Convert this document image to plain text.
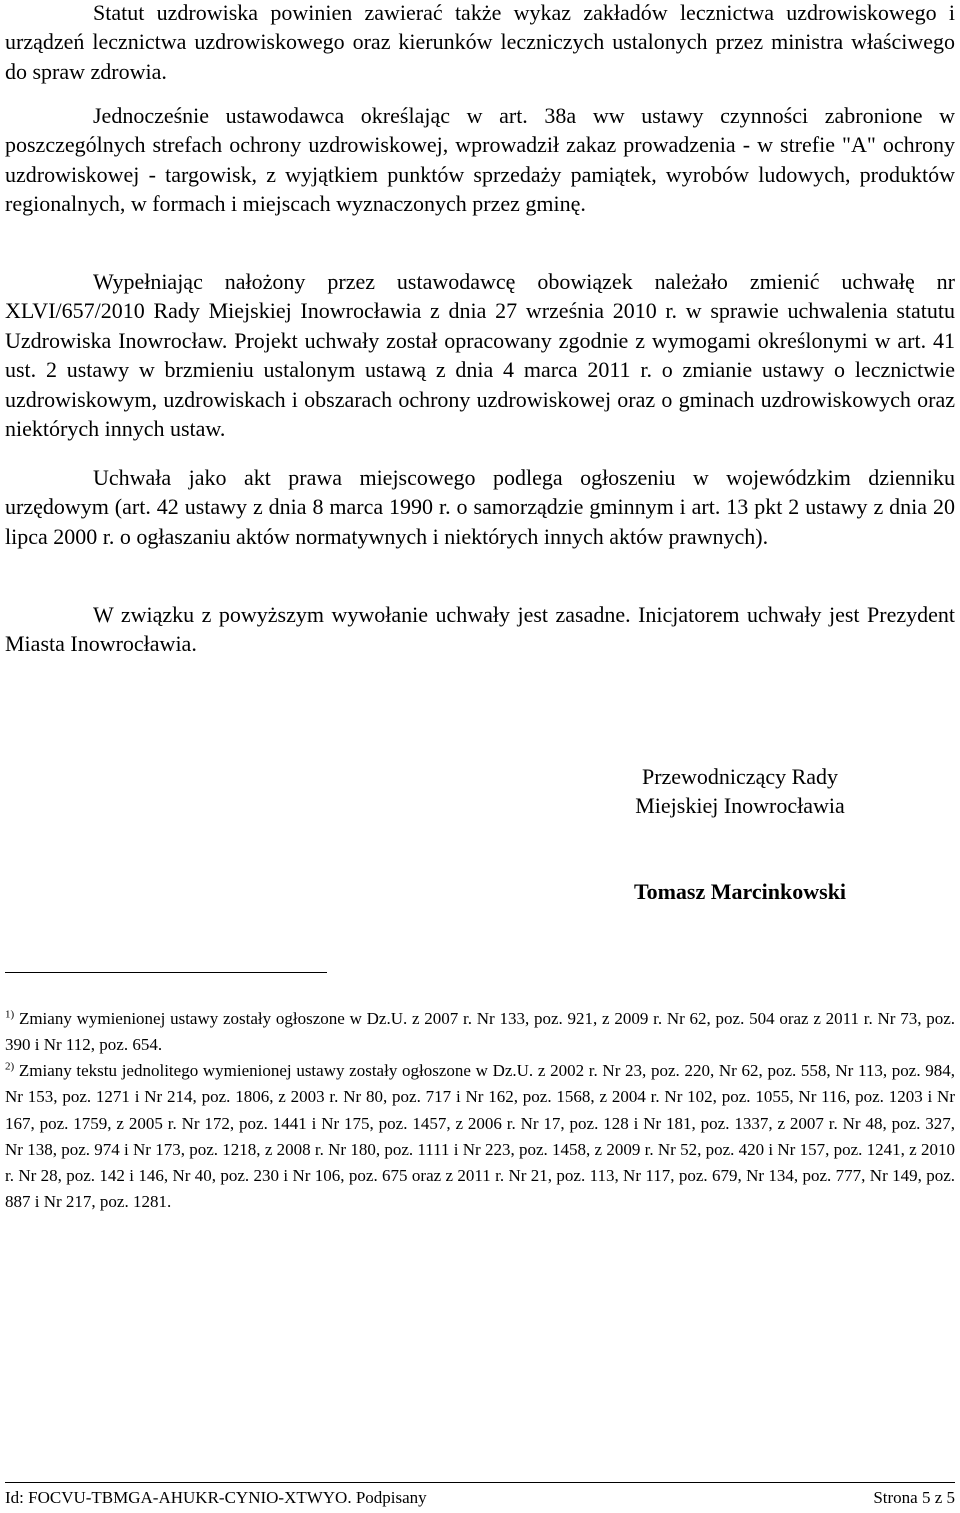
Statut uzdrowiska powinien zawierać także wykaz zakładów lecznictwa uzdrowiskowego i urządzeń lecznictwa uzdrowiskowego oraz kierunków leczniczych ustalonych przez ministra właściwego do spraw zdrowia.

Jednocześnie ustawodawca określając w art. 38a ww ustawy czynności zabronione w poszczególnych strefach ochrony uzdrowiskowej, wprowadził zakaz prowadzenia - w strefie "A" ochrony uzdrowiskowej - targowisk, z wyjątkiem punktów sprzedaży pamiątek, wyrobów ludowych, produktów regionalnych, w formach i miejscach wyznaczonych przez gminę.

Wypełniając nałożony przez ustawodawcę obowiązek należało zmienić uchwałę nr XLVI/657/2010 Rady Miejskiej Inowrocławia z dnia 27 września 2010 r. w sprawie uchwalenia statutu Uzdrowiska Inowrocław. Projekt uchwały został opracowany zgodnie z wymogami określonymi w art. 41 ust. 2 ustawy w brzmieniu ustalonym ustawą z dnia 4 marca 2011 r. o zmianie ustawy o lecznictwie uzdrowiskowym, uzdrowiskach i obszarach ochrony uzdrowiskowej oraz o gminach uzdrowiskowych oraz niektórych innych ustaw.

Uchwała jako akt prawa miejscowego podlega ogłoszeniu w wojewódzkim dzienniku urzędowym (art. 42 ustawy z dnia 8 marca 1990 r. o samorządzie gminnym i art. 13 pkt 2 ustawy z dnia 20 lipca 2000 r. o ogłaszaniu aktów normatywnych i niektórych innych aktów prawnych).

W związku z powyższym wywołanie uchwały jest zasadne. Inicjatorem uchwały jest Prezydent Miasta Inowrocławia.

Przewodniczący Rady
Miejskiej Inowrocławia
Tomasz Marcinkowski

$^{1)}$ Zmiany wymienionej ustawy zostały ogłoszone w Dz.U. z 2007 r. Nr 133, poz. 921, z 2009 r. Nr 62, poz. 504 oraz z 2011 r. Nr 73, poz. 390 i Nr 112, poz. 654.

$^{2)}$ Zmiany tekstu jednolitego wymienionej ustawy zostały ogłoszone w Dz.U. z 2002 r. Nr 23, poz. 220, Nr 62, poz. 558, Nr 113, poz. 984, Nr 153, poz. 1271 i Nr 214, poz. 1806, z 2003 r. Nr 80, poz. 717 i Nr 162, poz. 1568, z 2004 r. Nr 102, poz. 1055, Nr 116, poz. 1203 i Nr 167, poz. 1759, z 2005 r. Nr 172, poz. 1441 i Nr 175, poz. 1457, z 2006 r. Nr 17, poz. 128 i Nr 181, poz. 1337, z 2007 r. Nr 48, poz. 327, Nr 138, poz. 974 i Nr 173, poz. 1218, z 2008 r. Nr 180, poz. 1111 i Nr 223, poz. 1458, z 2009 r. Nr 52, poz. 420 i Nr 157, poz. 1241, z 2010 r. Nr 28, poz. 142 i 146, Nr 40, poz. 230 i Nr 106, poz. 675 oraz z 2011 r. Nr 21, poz. 113, Nr 117, poz. 679, Nr 134, poz. 777, Nr 149, poz. 887 i Nr 217, poz. 1281.

Id: FOCVU-TBMGA-AHUKR-CYNIO-XTWYO. Podpisany	Strona 5 z 5
